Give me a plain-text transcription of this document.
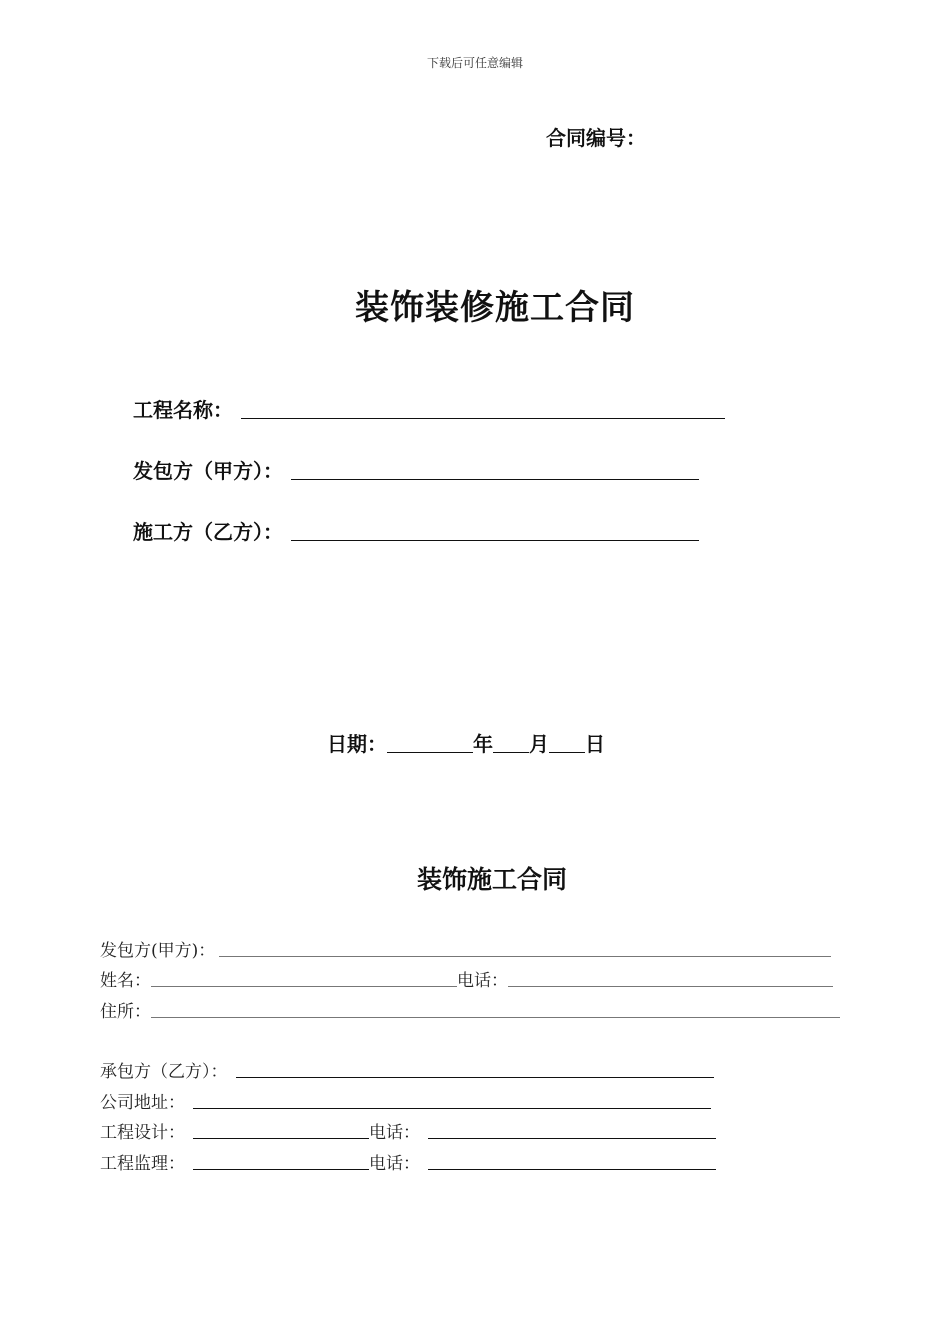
下载后可任意编辑
合同编号：
装饰装修施工合同
工程名称：
发包方（甲方）：
施工方（乙方）：
日期：	年 月 日
装饰施工合同
发包方(甲方)：
姓名：	电话：
住所：
承包方（乙方）：
公司地址：
工程设计：	电话：
工程监理：	电话：
